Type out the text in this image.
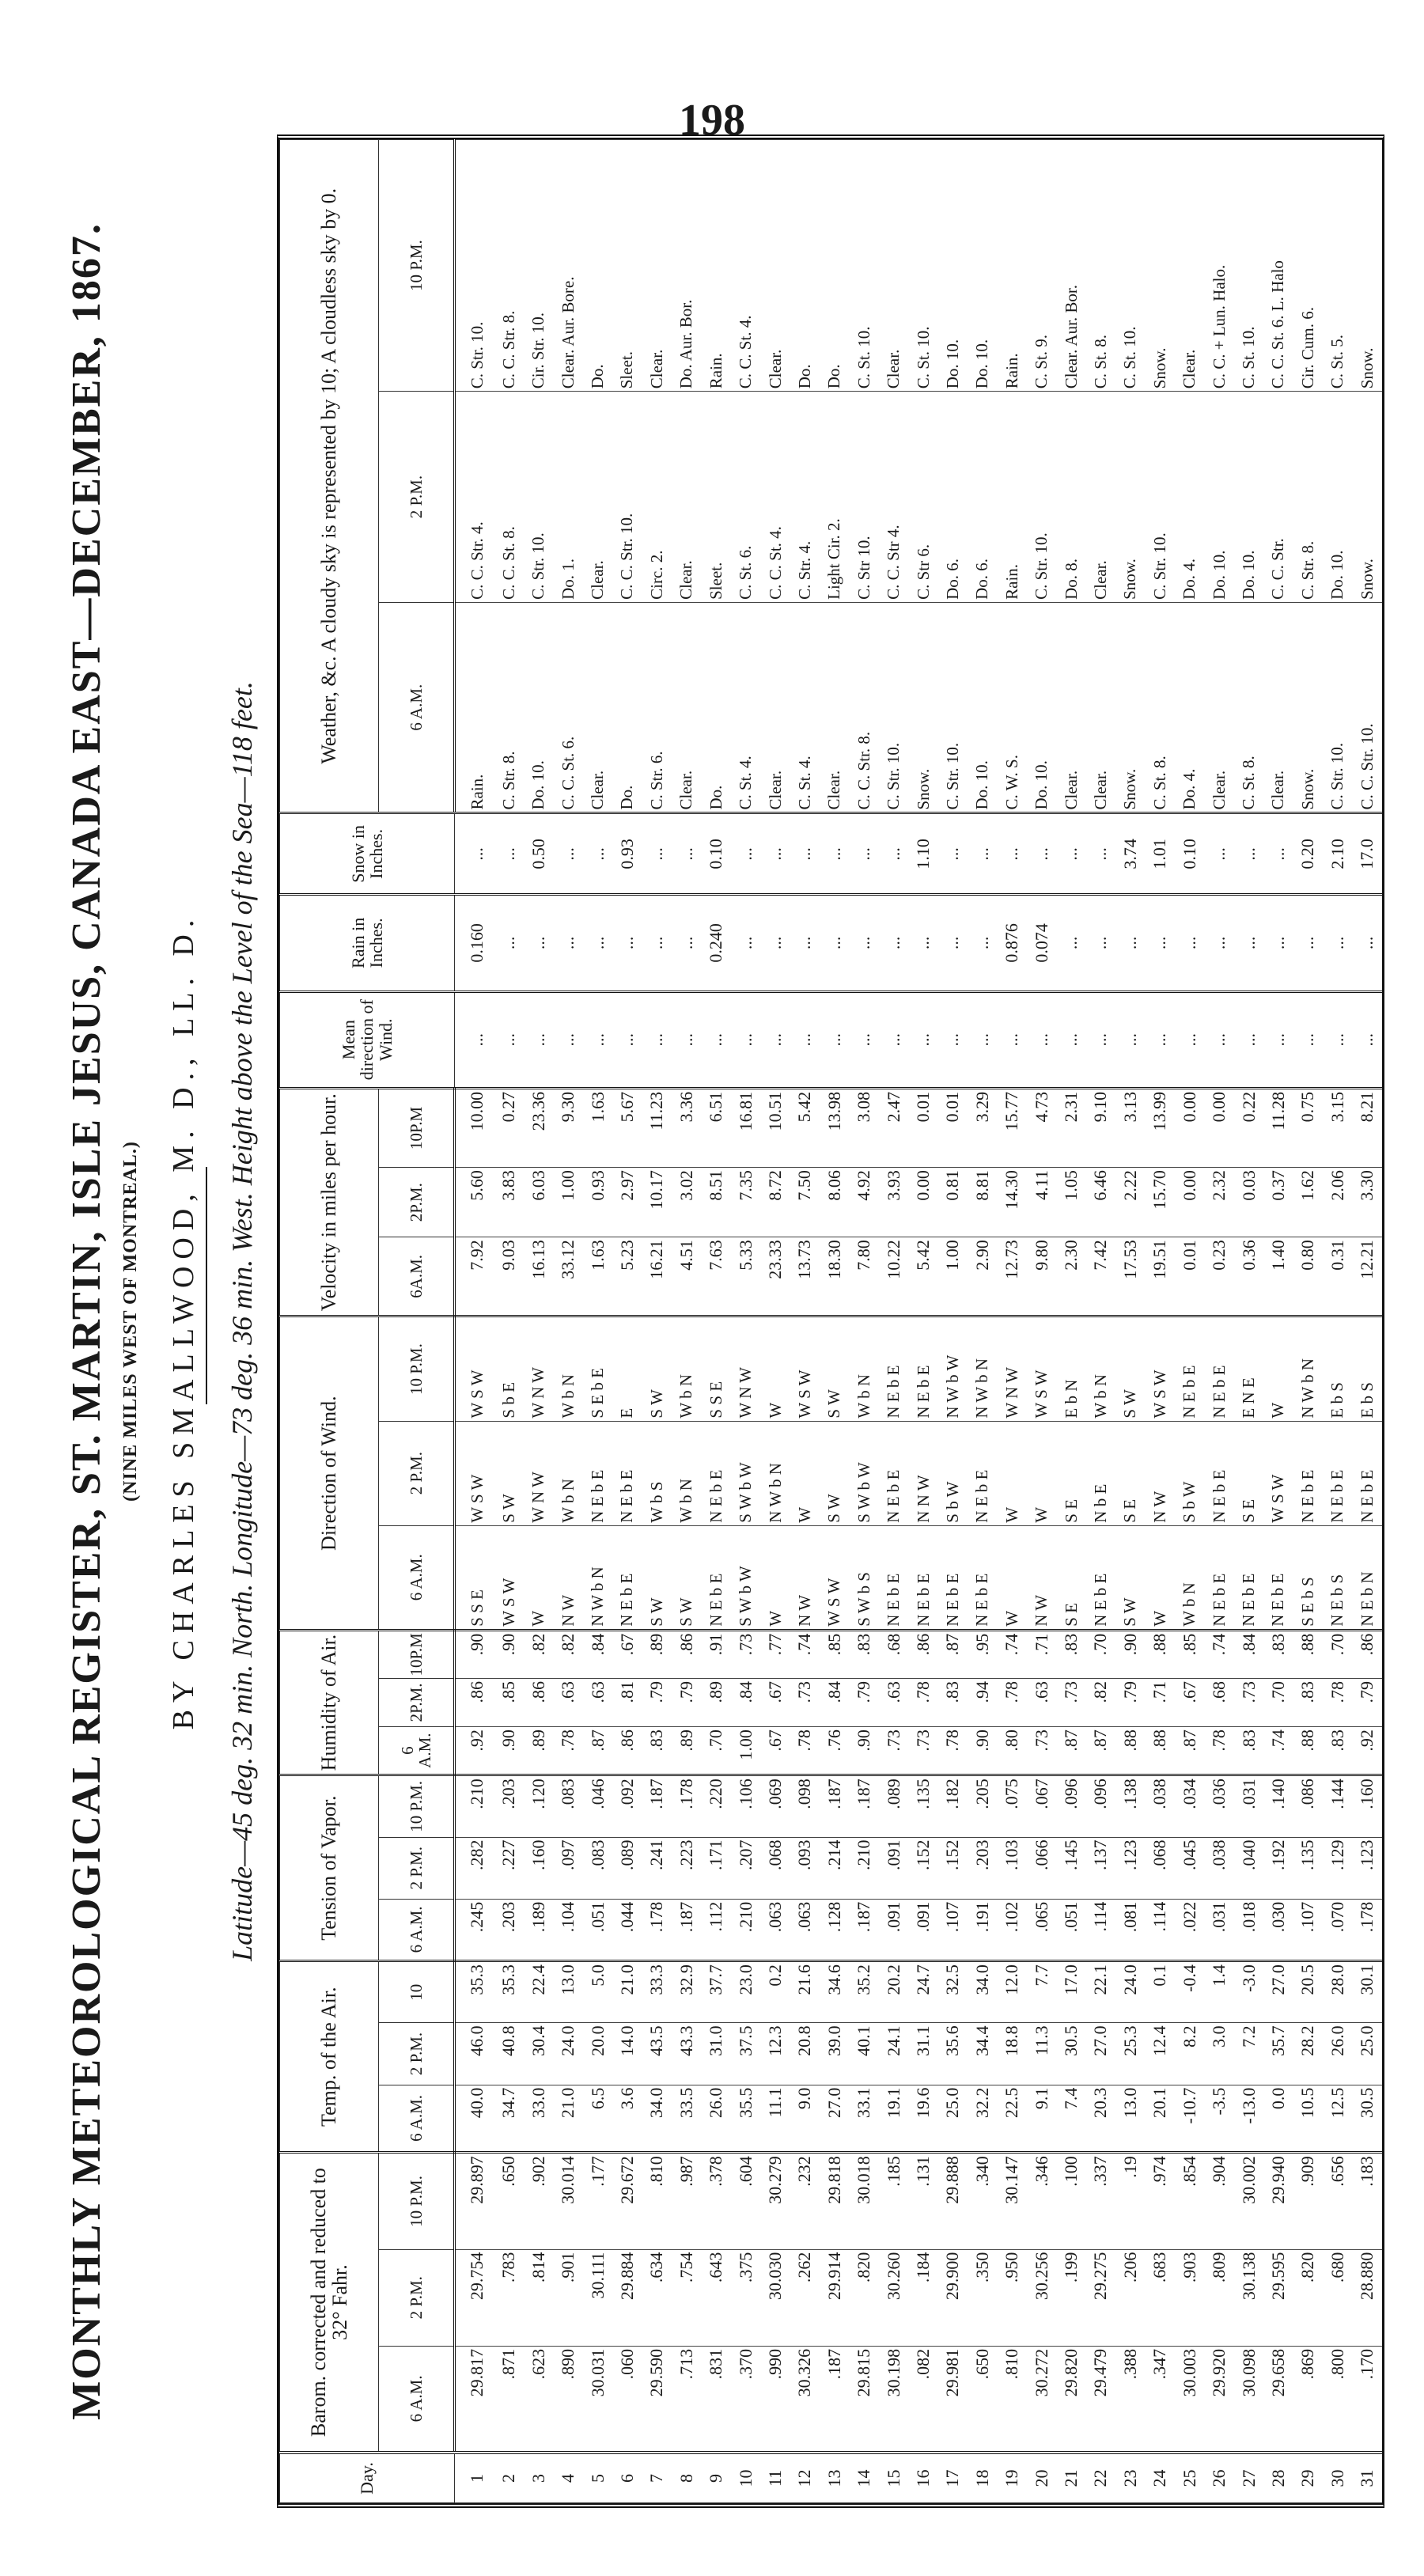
198
MONTHLY METEOROLOGICAL REGISTER, ST. MARTIN, ISLE JESUS, CANADA EAST—DECEMBER, 1867. (NINE MILES WEST OF MONTREAL.) BY CHARLES SMALLWOOD, M. D., LL. D. Latitude—45 deg. 32 min. North. Longitude—73 deg. 36 min. West. Height above the Level of the Sea—118 feet.
Day.	Barom. corrected and reduced to 32° Fahr.			Temp. of the Air.			Tension of Vapor.			Humidity of Air.			Direction of Wind.			Velocity in miles per hour.			Mean direction of Wind.	Rain in Inches.	Snow in Inches.	Weather, &c. A cloudy sky is represented by 10; A cloudless sky by 0.		
	6 A.M.	2 P.M.	10 P.M.	6 A.M.	2 P.M.	10	6 A.M.	2 P.M.	10 P.M.	6 A.M.	2P.M.	10P.M	6 A.M.	2 P.M.	10 P.M.	6A.M.	2P.M.	10P.M				6 A.M.	2 P.M.	10 P.M.
1	29.817	29.754	29.897	40.0	46.0	35.3	.245	.282	.210	.92	.86	.90	S S E	W S W	W S W	7.92	5.60	10.00	...	0.160	...	Rain.	C. C. Str. 4.	C. Str. 10.
2	.871	.783	.650	34.7	40.8	35.3	.203	.227	.203	.90	.85	.90	W S W	S W	S b E	9.03	3.83	0.27	...	...	...	C. Str. 8.	C. C. St. 8.	C. C. Str. 8.
3	.623	.814	.902	33.0	30.4	22.4	.189	.160	.120	.89	.86	.82	W	W N W	W N W	16.13	6.03	23.36	...	...	0.50	Do. 10.	C. Str. 10.	Cir. Str. 10.
4	.890	.901	30.014	21.0	24.0	13.0	.104	.097	.083	.78	.63	.82	N W	W b N	W b N	33.12	1.00	9.30	...	...	...	C. C. St. 6.	Do. 1.	Clear. Aur. Bore.
5	30.031	30.111	.177	6.5	20.0	5.0	.051	.083	.046	.87	.63	.84	N W b N	N E b E	S E b E	1.63	0.93	1.63	...	...	...	Clear.	Clear.	Do.
6	.060	29.884	29.672	3.6	14.0	21.0	.044	.089	.092	.86	.81	.67	N E b E	N E b E	E	5.23	2.97	5.67	...	...	0.93	Do.	C. C. Str. 10.	Sleet.
7	29.590	.634	.810	34.0	43.5	33.3	.178	.241	.187	.83	.79	.89	S W	W b S	S W	16.21	10.17	11.23	...	...	...	C. Str. 6.	Circ. 2.	Clear.
8	.713	.754	.987	33.5	43.3	32.9	.187	.223	.178	.89	.79	.86	S W	W b N	W b N	4.51	3.02	3.36	...	...	...	Clear.	Clear.	Do. Aur. Bor.
9	.831	.643	.378	26.0	31.0	37.7	.112	.171	.220	.70	.89	.91	N E b E	N E b E	S S E	7.63	8.51	6.51	...	0.240	0.10	Do.	Sleet.	Rain.
10	.370	.375	.604	35.5	37.5	23.0	.210	.207	.106	1.00	.84	.73	S W b W	S W b W	W N W	5.33	7.35	16.81	...	...	...	C. St. 4.	C. St. 6.	C. C. St. 4.
11	.990	30.030	30.279	11.1	12.3	0.2	.063	.068	.069	.67	.67	.77	W	N W b N	W	23.33	8.72	10.51	...	...	...	Clear.	C. C. St. 4.	Clear.
12	30.326	.262	.232	9.0	20.8	21.6	.063	.093	.098	.78	.73	.74	N W	W	W S W	13.73	7.50	5.42	...	...	...	C. St. 4.	C. Str. 4.	Do.
13	.187	29.914	29.818	27.0	39.0	34.6	.128	.214	.187	.76	.84	.85	W S W	S W	S W	18.30	8.06	13.98	...	...	...	Clear.	Light Cir. 2.	Do.
14	29.815	.820	30.018	33.1	40.1	35.2	.187	.210	.187	.90	.79	.83	S W b S	S W b W	W b N	7.80	4.92	3.08	...	...	...	C. C. Str. 8.	C. Str 10.	C. St. 10.
15	30.198	30.260	.185	19.1	24.1	20.2	.091	.091	.089	.73	.63	.68	N E b E	N E b E	N E b E	10.22	3.93	2.47	...	...	...	C. Str. 10.	C. C. Str 4.	Clear.
16	.082	.184	.131	19.6	31.1	24.7	.091	.152	.135	.73	.78	.86	N E b E	N N W	N E b E	5.42	0.00	0.01	...	...	1.10	Snow.	C. Str 6.	C. St. 10.
17	29.981	29.900	29.888	25.0	35.6	32.5	.107	.152	.182	.78	.83	.87	N E b E	S b W	N W b W	1.00	0.81	0.01	...	...	...	C. Str. 10.	Do. 6.	Do. 10.
18	.650	.350	.340	32.2	34.4	34.0	.191	.203	.205	.90	.94	.95	N E b E	N E b E	N W b N	2.90	8.81	3.29	...	...	...	Do. 10.	Do. 6.	Do. 10.
19	.810	.950	30.147	22.5	18.8	12.0	.102	.103	.075	.80	.78	.74	W	W	W N W	12.73	14.30	15.77	...	0.876	...	C. W. S.	Rain.	Rain.
20	30.272	30.256	.346	9.1	11.3	7.7	.065	.066	.067	.73	.63	.71	N W	W	W S W	9.80	4.11	4.73	...	0.074	...	Do. 10.	C. Str. 10.	C. St. 9.
21	29.820	.199	.100	7.4	30.5	17.0	.051	.145	.096	.87	.73	.83	S E	S E	E b N	2.30	1.05	2.31	...	...	...	Clear.	Do. 8.	Clear. Aur. Bor.
22	29.479	29.275	.337	20.3	27.0	22.1	.114	.137	.096	.87	.82	.70	N E b E	N b E	W b N	7.42	6.46	9.10	...	...	...	Clear.	Clear.	C. St. 8.
23	.388	.206	.19	13.0	25.3	24.0	.081	.123	.138	.88	.79	.90	S W	S E	S W	17.53	2.22	3.13	...	...	3.74	Snow.	Snow.	C. St. 10.
24	.347	.683	.974	20.1	12.4	0.1	.114	.068	.038	.88	.71	.88	W	N W	W S W	19.51	15.70	13.99	...	...	1.01	C. St. 8.	C. Str. 10.	Snow.
25	30.003	.903	.854	-10.7	8.2	-0.4	.022	.045	.034	.87	.67	.85	W b N	S b W	N E b E	0.01	0.00	0.00	...	...	0.10	Do. 4.	Do. 4.	Clear.
26	29.920	.809	.904	-3.5	3.0	1.4	.031	.038	.036	.78	.68	.74	N E b E	N E b E	N E b E	0.23	2.32	0.00	...	...	...	Clear.	Do. 10.	C. C. + Lun. Halo.
27	30.098	30.138	30.002	-13.0	7.2	-3.0	.018	.040	.031	.83	.73	.84	N E b E	S E	E N E	0.36	0.03	0.22	...	...	...	C. St. 8.	Do. 10.	C. St. 10.
28	29.658	29.595	29.940	0.0	35.7	27.0	.030	.192	.140	.74	.70	.83	N E b E	W S W	W	1.40	0.37	11.28	...	...	...	Clear.	C. C. Str.	C. C. St. 6. L. Halo
29	.869	.820	.909	10.5	28.2	20.5	.107	.135	.086	.88	.83	.88	S E b S	N E b E	N W b N	0.80	1.62	0.75	...	...	0.20	Snow.	C. Str. 8.	Cir. Cum. 6.
30	.800	.680	.656	12.5	26.0	28.0	.070	.129	.144	.83	.78	.70	N E b S	N E b E	E b S	0.31	2.06	3.15	...	...	2.10	C. Str. 10.	Do. 10.	C. St. 5.
31	.170	28.880	.183	30.5	25.0	30.1	.178	.123	.160	.92	.79	.86	N E b N	N E b E	E b S	12.21	3.30	8.21	...	...	17.0	C. C. Str. 10.	Snow.	Snow.
